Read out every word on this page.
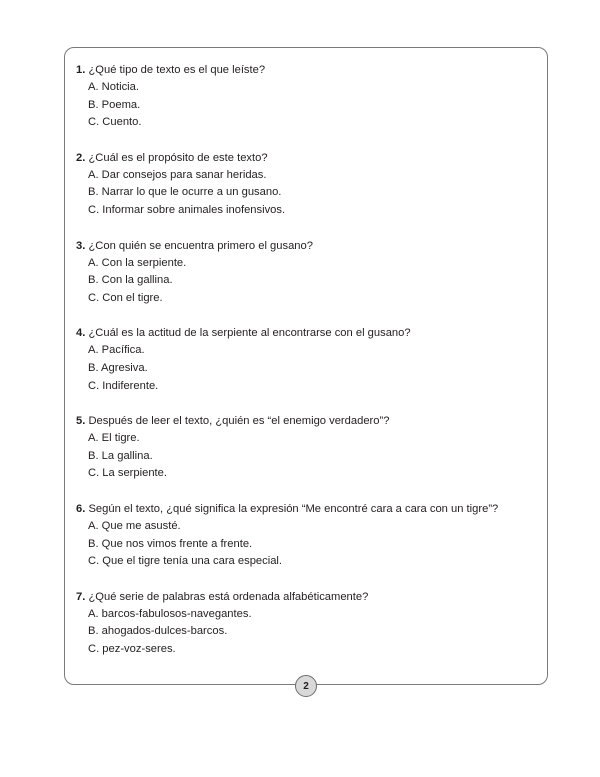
1. ¿Qué tipo de texto es el que leíste?
A. Noticia.
B. Poema.
C. Cuento.
2. ¿Cuál es el propósito de este texto?
A. Dar consejos para sanar heridas.
B. Narrar lo que le ocurre a un gusano.
C. Informar sobre animales inofensivos.
3. ¿Con quién se encuentra primero el gusano?
A. Con la serpiente.
B. Con la gallina.
C. Con el tigre.
4. ¿Cuál es la actitud de la serpiente al encontrarse con el gusano?
A. Pacífica.
B. Agresiva.
C. Indiferente.
5. Después de leer el texto, ¿quién es “el enemigo verdadero”?
A. El tigre.
B. La gallina.
C. La serpiente.
6. Según el texto, ¿qué significa la expresión “Me encontré cara a cara con un tigre”?
A. Que me asusté.
B. Que nos vimos frente a frente.
C. Que el tigre tenía una cara especial.
7. ¿Qué serie de palabras está ordenada alfabéticamente?
A. barcos-fabulosos-navegantes.
B. ahogados-dulces-barcos.
C. pez-voz-seres.
2
